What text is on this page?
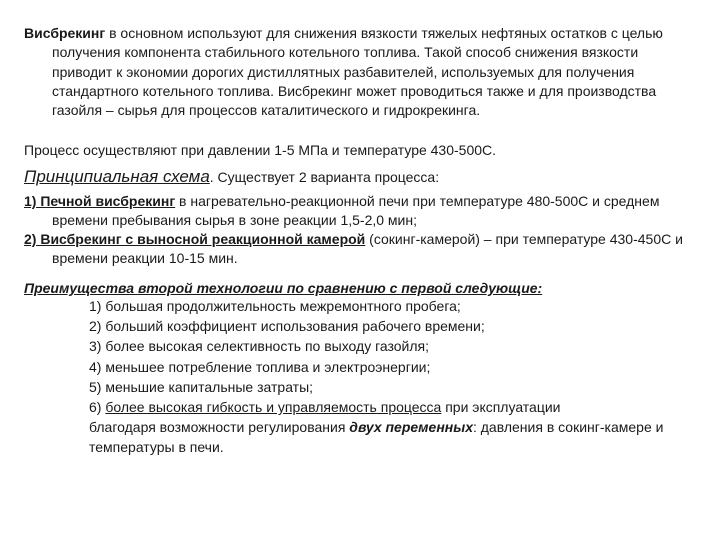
Висбрекинг в основном используют для снижения вязкости тяжелых нефтяных остатков с целью получения компонента стабильного котельного топлива. Такой способ снижения вязкости приводит к экономии дорогих дистиллятных разбавителей, используемых для получения стандартного котельного топлива. Висбрекинг может проводиться также и для производства газойля – сырья для процессов каталитического и гидрокрекинга.

Процесс осуществляют при давлении 1-5 МПа и температуре 430-500С.

Принципиальная схема. Существует 2 варианта процесса:

1) Печной висбрекинг в нагревательно-реакционной печи при температуре 480-500С и среднем времени пребывания сырья в зоне реакции 1,5-2,0 мин;

2) Висбрекинг с выносной реакционной камерой (сокинг-камерой) – при температуре 430-450С и времени реакции 10-15 мин.

Преимущества второй технологии по сравнению с первой следующие:

1) большая продолжительность межремонтного пробега;
2) больший коэффициент использования рабочего времени;
3) более высокая селективность по выходу газойля;
4) меньшее потребление топлива и электроэнергии;
5) меньшие капитальные затраты;
6) более высокая гибкость и управляемость процесса при эксплуатации
благодаря возможности регулирования двух переменных: давления в сокинг-камере и температуры в печи.
